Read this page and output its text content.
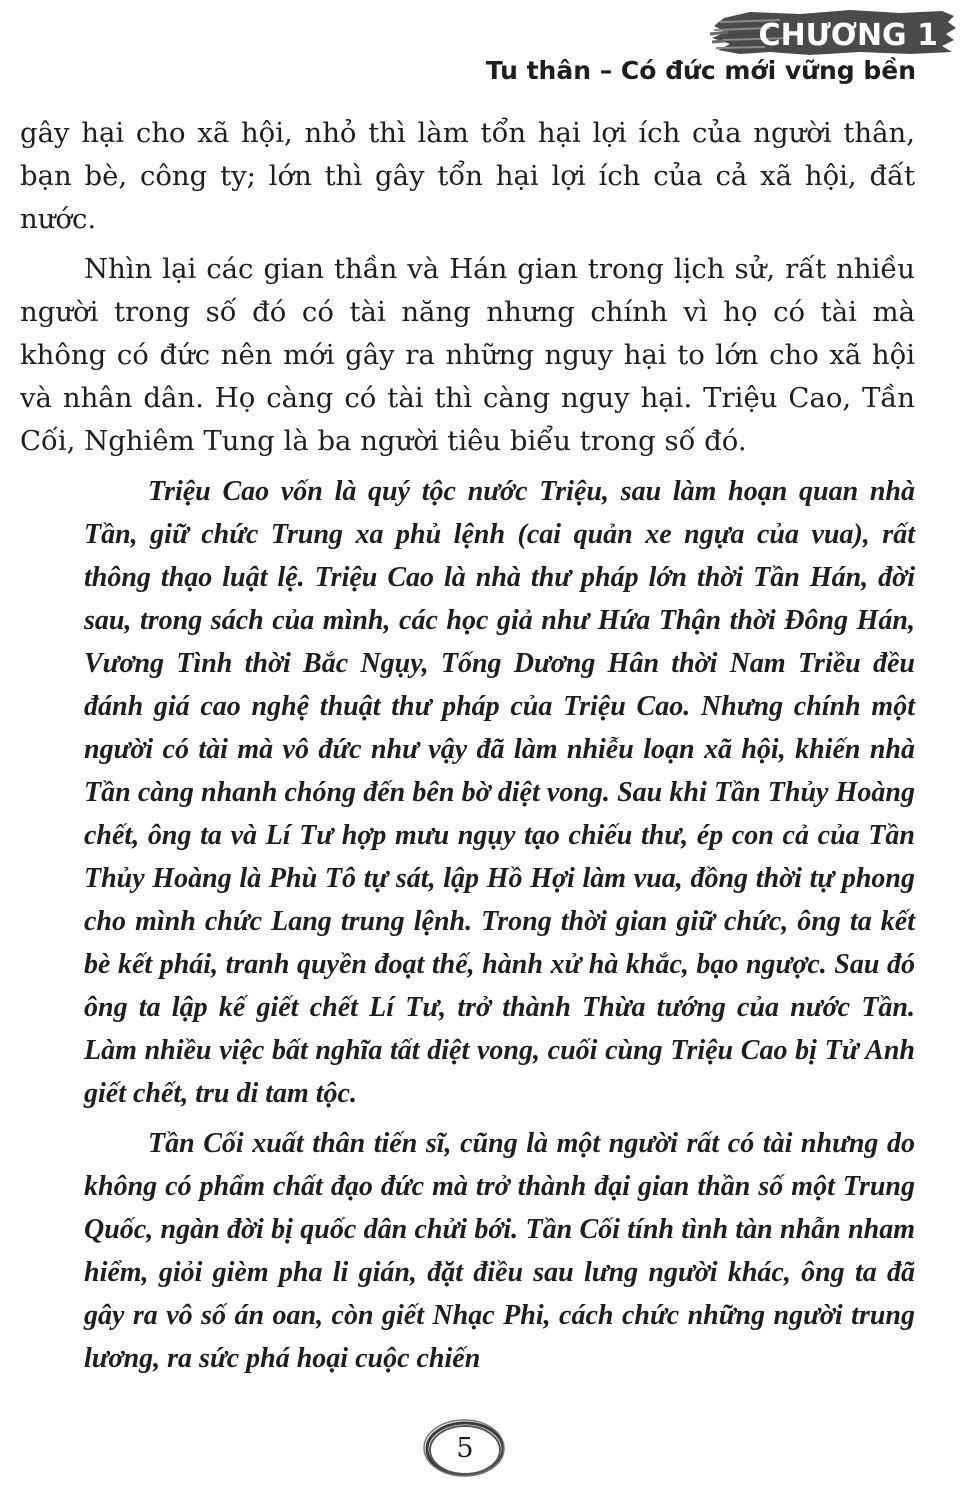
CHƯƠNG 1
Tu thân – Có đức mới vững bền

gây hại cho xã hội, nhỏ thì làm tổn hại lợi ích của người thân, bạn bè, công ty; lớn thì gây tổn hại lợi ích của cả xã hội, đất nước.

Nhìn lại các gian thần và Hán gian trong lịch sử, rất nhiều người trong số đó có tài năng nhưng chính vì họ có tài mà không có đức nên mới gây ra những nguy hại to lớn cho xã hội và nhân dân. Họ càng có tài thì càng nguy hại. Triệu Cao, Tần Cối, Nghiêm Tung là ba người tiêu biểu trong số đó.

Triệu Cao vốn là quý tộc nước Triệu, sau làm hoạn quan nhà Tần, giữ chức Trung xa phủ lệnh (cai quản xe ngựa của vua), rất thông thạo luật lệ. Triệu Cao là nhà thư pháp lớn thời Tần Hán, đời sau, trong sách của mình, các học giả như Hứa Thận thời Đông Hán, Vương Tình thời Bắc Ngụy, Tống Dương Hân thời Nam Triều đều đánh giá cao nghệ thuật thư pháp của Triệu Cao. Nhưng chính một người có tài mà vô đức như vậy đã làm nhiễu loạn xã hội, khiến nhà Tần càng nhanh chóng đến bên bờ diệt vong. Sau khi Tần Thủy Hoàng chết, ông ta và Lí Tư hợp mưu ngụy tạo chiếu thư, ép con cả của Tần Thủy Hoàng là Phù Tô tự sát, lập Hồ Hợi làm vua, đồng thời tự phong cho mình chức Lang trung lệnh. Trong thời gian giữ chức, ông ta kết bè kết phái, tranh quyền đoạt thế, hành xử hà khắc, bạo ngược. Sau đó ông ta lập kế giết chết Lí Tư, trở thành Thừa tướng của nước Tần. Làm nhiều việc bất nghĩa tất diệt vong, cuối cùng Triệu Cao bị Tử Anh giết chết, tru di tam tộc.

Tần Cối xuất thân tiến sĩ, cũng là một người rất có tài nhưng do không có phẩm chất đạo đức mà trở thành đại gian thần số một Trung Quốc, ngàn đời bị quốc dân chửi bới. Tần Cối tính tình tàn nhẫn nham hiểm, giỏi gièm pha li gián, đặt điều sau lưng người khác, ông ta đã gây ra vô số án oan, còn giết Nhạc Phi, cách chức những người trung lương, ra sức phá hoại cuộc chiến

5
